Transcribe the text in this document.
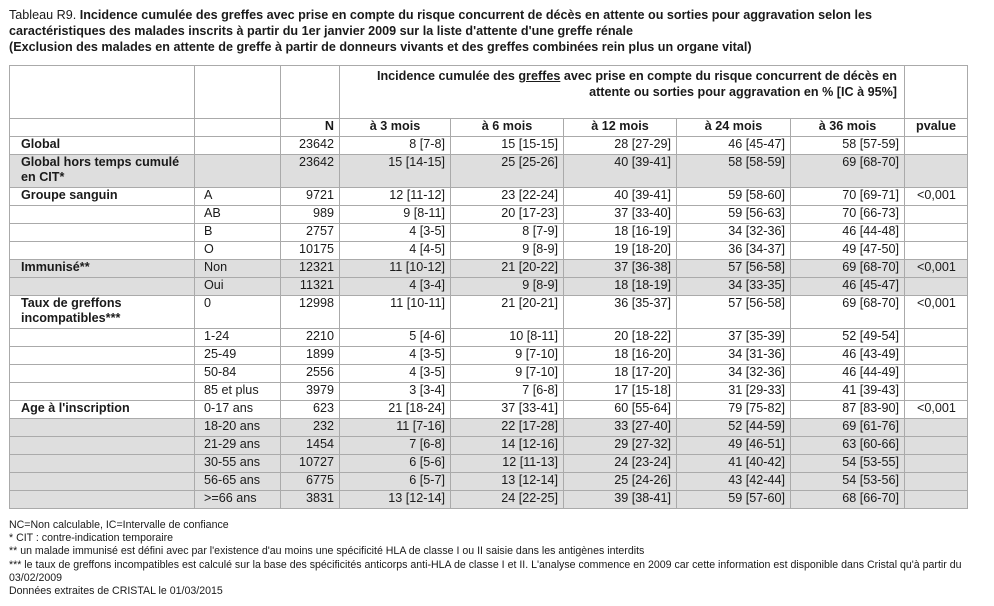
Tableau R9. Incidence cumulée des greffes avec prise en compte du risque concurrent de décès en attente ou sorties pour aggravation selon les
caractéristiques des malades inscrits à partir du 1er janvier 2009 sur la liste d'attente d'une greffe rénale
(Exclusion des malades en attente de greffe à partir de donneurs vivants et des greffes combinées rein plus un organe vital)
			Incidence cumulée des greffes avec prise en compte du risque concurrent de décès en attente ou sorties pour aggravation en % [IC à 95%]					
		N	à 3 mois	à 6 mois	à 12 mois	à 24 mois	à 36 mois	pvalue
Global		23642	8 [7-8]	15 [15-15]	28 [27-29]	46 [45-47]	58 [57-59]	
Global hors temps cumulé en CIT*		23642	15 [14-15]	25 [25-26]	40 [39-41]	58 [58-59]	69 [68-70]	
Groupe sanguin	A	9721	12 [11-12]	23 [22-24]	40 [39-41]	59 [58-60]	70 [69-71]	<0,001
	AB	989	9 [8-11]	20 [17-23]	37 [33-40]	59 [56-63]	70 [66-73]	
	B	2757	4 [3-5]	8 [7-9]	18 [16-19]	34 [32-36]	46 [44-48]	
	O	10175	4 [4-5]	9 [8-9]	19 [18-20]	36 [34-37]	49 [47-50]	
Immunisé**	Non	12321	11 [10-12]	21 [20-22]	37 [36-38]	57 [56-58]	69 [68-70]	<0,001
	Oui	11321	4 [3-4]	9 [8-9]	18 [18-19]	34 [33-35]	46 [45-47]	
Taux de greffons incompatibles***	0	12998	11 [10-11]	21 [20-21]	36 [35-37]	57 [56-58]	69 [68-70]	<0,001
	1-24	2210	5 [4-6]	10 [8-11]	20 [18-22]	37 [35-39]	52 [49-54]	
	25-49	1899	4 [3-5]	9 [7-10]	18 [16-20]	34 [31-36]	46 [43-49]	
	50-84	2556	4 [3-5]	9 [7-10]	18 [17-20]	34 [32-36]	46 [44-49]	
	85 et plus	3979	3 [3-4]	7 [6-8]	17 [15-18]	31 [29-33]	41 [39-43]	
Age à l'inscription	0-17 ans	623	21 [18-24]	37 [33-41]	60 [55-64]	79 [75-82]	87 [83-90]	<0,001
	18-20 ans	232	11 [7-16]	22 [17-28]	33 [27-40]	52 [44-59]	69 [61-76]	
	21-29 ans	1454	7 [6-8]	14 [12-16]	29 [27-32]	49 [46-51]	63 [60-66]	
	30-55 ans	10727	6 [5-6]	12 [11-13]	24 [23-24]	41 [40-42]	54 [53-55]	
	56-65 ans	6775	6 [5-7]	13 [12-14]	25 [24-26]	43 [42-44]	54 [53-56]	
	>=66 ans	3831	13 [12-14]	24 [22-25]	39 [38-41]	59 [57-60]	68 [66-70]	
NC=Non calculable, IC=Intervalle de confiance
* CIT : contre-indication temporaire
** un malade immunisé est défini avec par l'existence d'au moins une spécificité HLA de classe I ou II saisie dans les antigènes interdits
*** le taux de greffons incompatibles est calculé sur la base des spécificités anticorps anti-HLA de classe I et II. L'analyse commence en 2009 car cette information est disponible dans Cristal qu'à partir du 03/02/2009
Données extraites de CRISTAL le 01/03/2015
